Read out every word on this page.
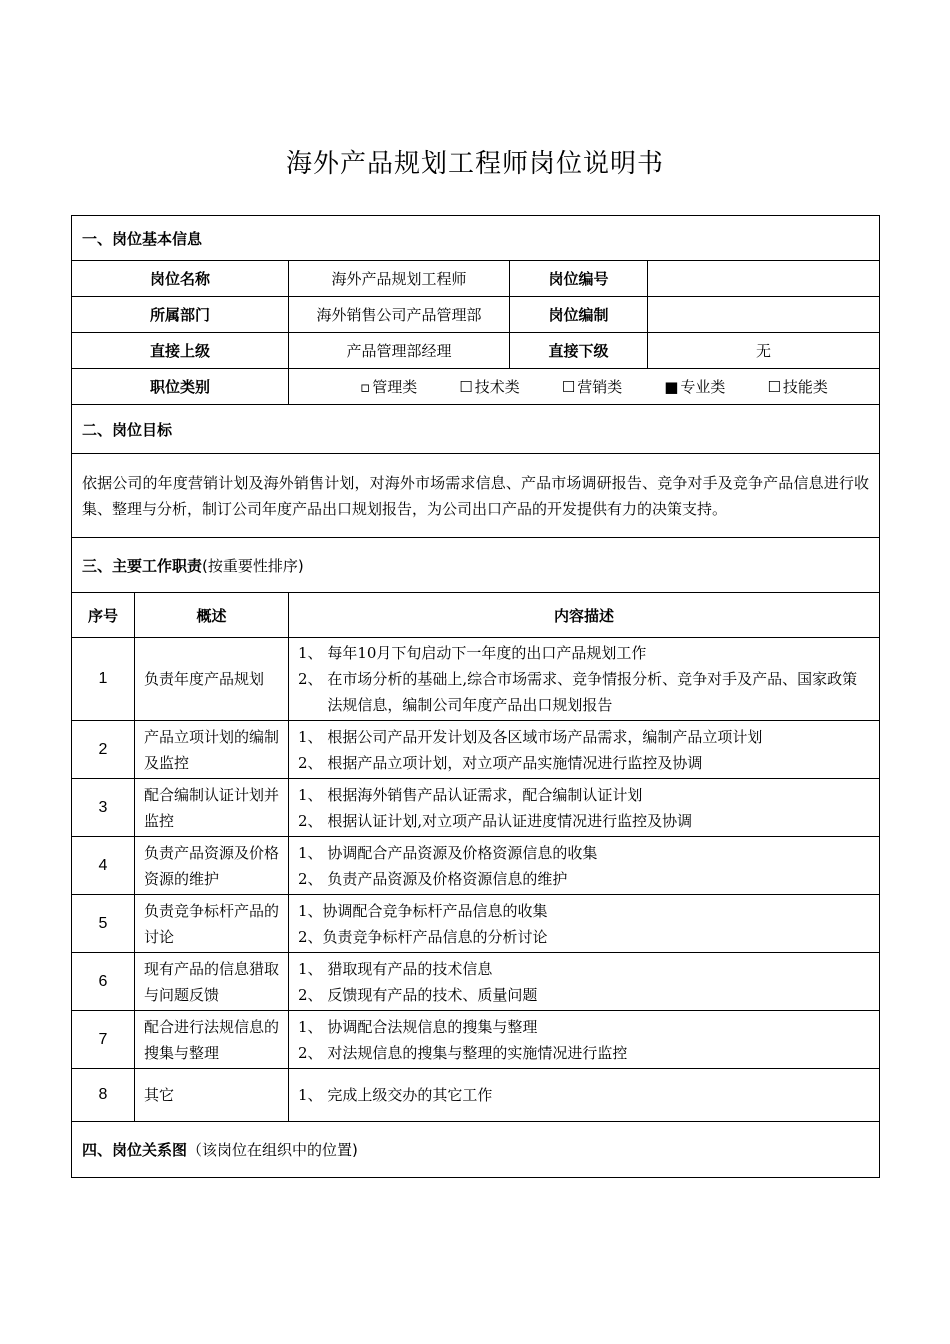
海外产品规划工程师岗位说明书
一、岗位基本信息				
岗位名称		海外产品规划工程师	岗位编号	
所属部门		海外销售公司产品管理部	岗位编制	
直接上级		产品管理部经理	直接下级	无
职位类别		▫ 管理类 ☐ 技术类 ☐ 营销类 ■ 专业类 ☐ 技能类		

二、岗位目标				
依据公司的年度营销计划及海外销售计划，对海外市场需求信息、产品市场调研报告、竞争对手及竞争产品信息进行收集、整理与分析，制订公司年度产品出口规划报告，为公司出口产品的开发提供有力的决策支持。				
三、主要工作职责(按重要性排序)				
序号	概述	内容描述		
1	负责年度产品规划	1、 每年10月下旬启动下一年度的出口产品规划工作
2、 在市场分析的基础上,综合市场需求、竞争情报分析、竞争对手及产品、国家政策法规信息，编制公司年度产品出口规划报告		

2	产品立项计划的编制及监控	1、 根据公司产品开发计划及各区域市场产品需求，编制产品立项计划
2、 根据产品立项计划，对立项产品实施情况进行监控及协调		

3	配合编制认证计划并监控	1、 根据海外销售产品认证需求，配合编制认证计划
2、 根据认证计划,对立项产品认证进度情况进行监控及协调		

4	负责产品资源及价格资源的维护	1、 协调配合产品资源及价格资源信息的收集
2、 负责产品资源及价格资源信息的维护		

5	负责竞争标杆产品的讨论	1、 协调配合竞争标杆产品信息的收集
2、 负责竞争标杆产品信息的分析讨论		

6	现有产品的信息猎取与问题反馈	1、 猎取现有产品的技术信息
2、 反馈现有产品的技术、质量问题		

7	配合进行法规信息的搜集与整理	1、 协调配合法规信息的搜集与整理
2、 对法规信息的搜集与整理的实施情况进行监控		

8	其它	1、 完成上级交办的其它工作		

四、岗位关系图（该岗位在组织中的位置)				
